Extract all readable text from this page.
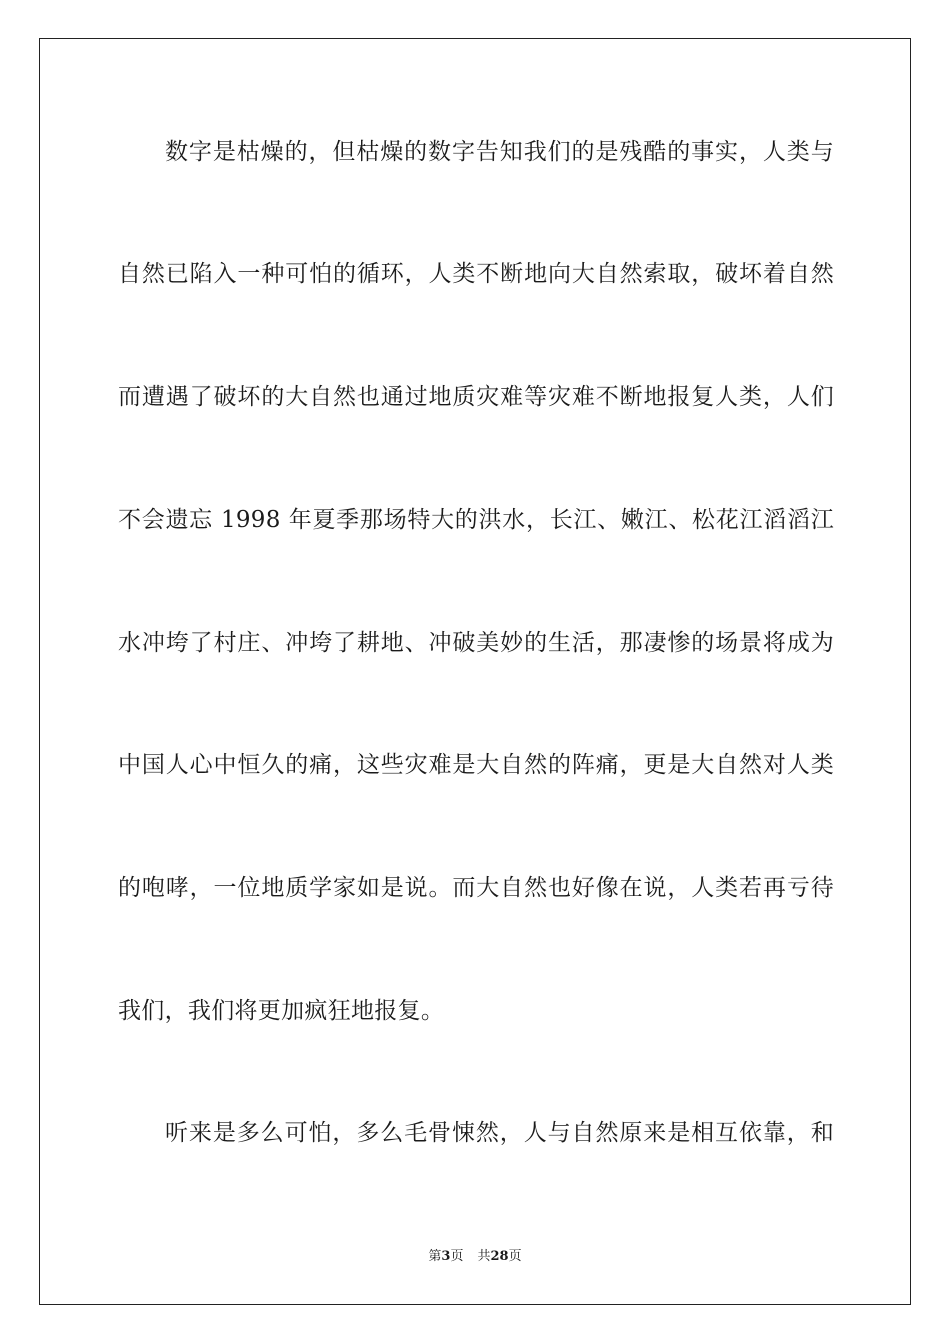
数字是枯燥的，但枯燥的数字告知我们的是残酷的事实，人类与
自然已陷入一种可怕的循环，人类不断地向大自然索取，破坏着自然
而遭遇了破坏的大自然也通过地质灾难等灾难不断地报复人类，人们
不会遗忘 1998 年夏季那场特大的洪水，长江、嫩江、松花江滔滔江
水冲垮了村庄、冲垮了耕地、冲破美妙的生活，那凄惨的场景将成为
中国人心中恒久的痛，这些灾难是大自然的阵痛，更是大自然对人类
的咆哮，一位地质学家如是说。而大自然也好像在说，人类若再亏待
我们，我们将更加疯狂地报复。
听来是多么可怕，多么毛骨悚然，人与自然原来是相互依靠，和
第3页 共28页
